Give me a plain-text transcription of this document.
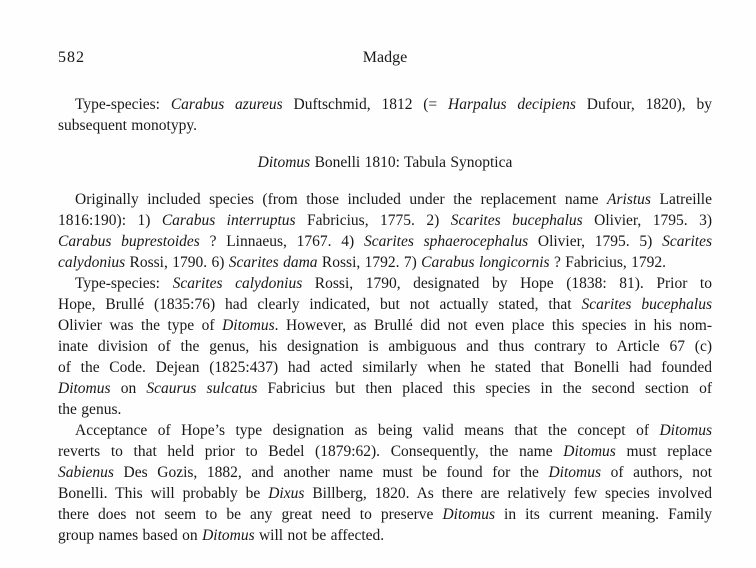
582	Madge
Type-species: Carabus azureus Duftschmid, 1812 (= Harpalus decipiens Dufour, 1820), by
subsequent monotypy.
Ditomus Bonelli 1810: Tabula Synoptica
Originally included species (from those included under the replacement name Aristus Latreille
1816:190): 1) Carabus interruptus Fabricius, 1775. 2) Scarites bucephalus Olivier, 1795. 3)
Carabus buprestoides ? Linnaeus, 1767. 4) Scarites sphaerocephalus Olivier, 1795. 5) Scarites
calydonius Rossi, 1790. 6) Scarites dama Rossi, 1792. 7) Carabus longicornis ? Fabricius, 1792.
Type-species: Scarites calydonius Rossi, 1790, designated by Hope (1838: 81). Prior to
Hope, Brullé (1835:76) had clearly indicated, but not actually stated, that Scarites bucephalus
Olivier was the type of Ditomus. However, as Brullé did not even place this species in his nom-
inate division of the genus, his designation is ambiguous and thus contrary to Article 67 (c)
of the Code. Dejean (1825:437) had acted similarly when he stated that Bonelli had founded
Ditomus on Scaurus sulcatus Fabricius but then placed this species in the second section of
the genus.
Acceptance of Hope’s type designation as being valid means that the concept of Ditomus
reverts to that held prior to Bedel (1879:62). Consequently, the name Ditomus must replace
Sabienus Des Gozis, 1882, and another name must be found for the Ditomus of authors, not
Bonelli. This will probably be Dixus Billberg, 1820. As there are relatively few species involved
there does not seem to be any great need to preserve Ditomus in its current meaning. Family
group names based on Ditomus will not be affected.
